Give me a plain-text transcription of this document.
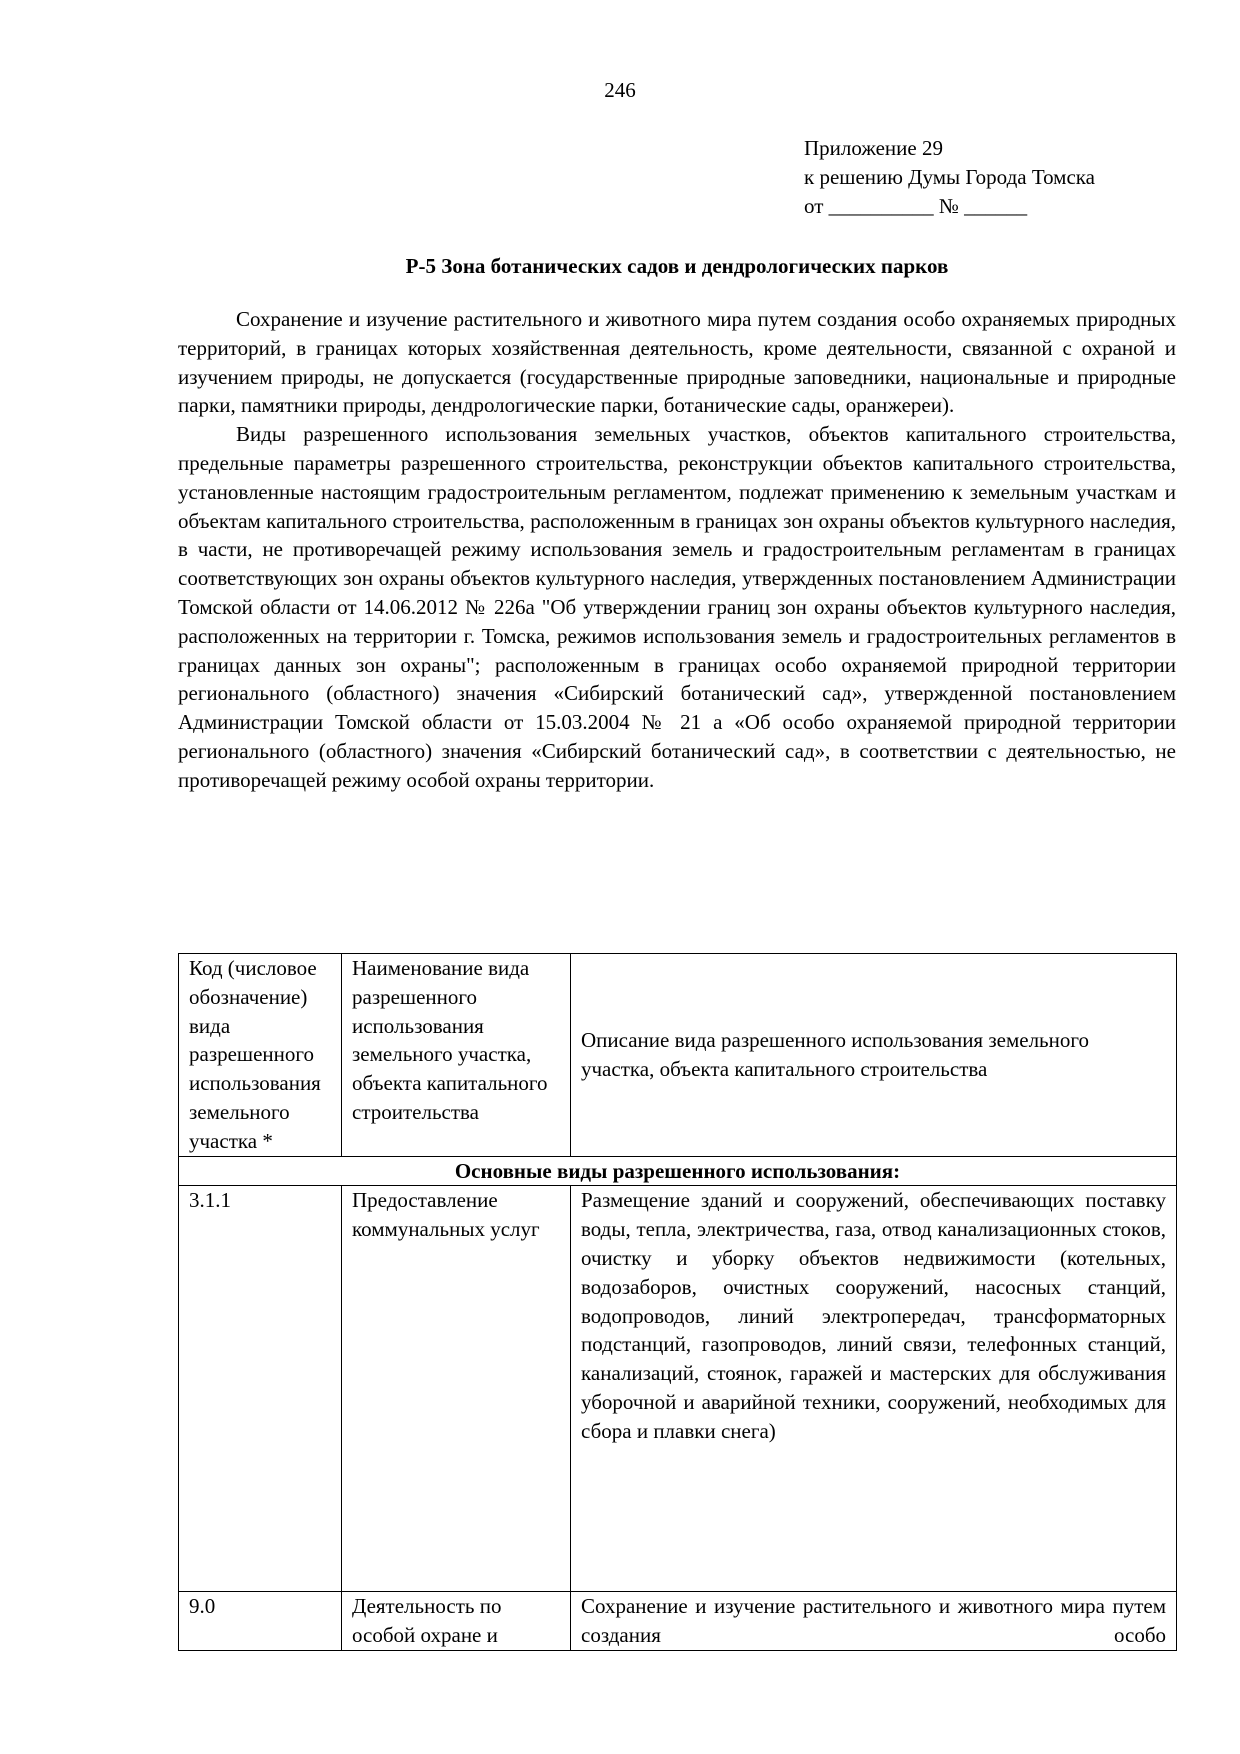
246
Приложение 29
к решению Думы Города Томска
от __________ № ______
Р-5 Зона ботанических садов и дендрологических парков

Сохранение и изучение растительного и животного мира путем создания особо охраняемых природных территорий, в границах которых хозяйственная деятельность, кроме деятельности, связанной с охраной и изучением природы, не допускается (государственные природные заповедники, национальные и природные парки, памятники природы, дендрологические парки, ботанические сады, оранжереи).

Виды разрешенного использования земельных участков, объектов капитального строительства, предельные параметры разрешенного строительства, реконструкции объектов капитального строительства, установленные настоящим градостроительным регламентом, подлежат применению к земельным участкам и объектам капитального строительства, расположенным в границах зон охраны объектов культурного наследия, в части, не противоречащей режиму использования земель и градостроительным регламентам в границах соответствующих зон охраны объектов культурного наследия, утвержденных постановлением Администрации Томской области от 14.06.2012 № 226а "Об утверждении границ зон охраны объектов культурного наследия, расположенных на территории г. Томска, режимов использования земель и градостроительных регламентов в границах данных зон охраны"; расположенным в границах особо охраняемой природной территории регионального (областного) значения «Сибирский ботанический сад», утвержденной постановлением Администрации Томской области от 15.03.2004 № 21 а «Об особо охраняемой природной территории регионального (областного) значения «Сибирский ботанический сад», в соответствии с деятельностью, не противоречащей режиму особой охраны территории.

Код (числовое обозначение) вида разрешенного использования земельного участка *	Наименование вида разрешенного использования земельного участка, объекта капитального строительства	Описание вида разрешенного использования земельного участка, объекта капитального строительства
Основные виды разрешенного использования:		
3.1.1	Предоставление коммунальных услуг	Размещение зданий и сооружений, обеспечивающих поставку воды, тепла, электричества, газа, отвод канализационных стоков, очистку и уборку объектов недвижимости (котельных, водозаборов, очистных сооружений, насосных станций, водопроводов, линий электропередач, трансформаторных подстанций, газопроводов, линий связи, телефонных станций, канализаций, стоянок, гаражей и мастерских для обслуживания уборочной и аварийной техники, сооружений, необходимых для сбора и плавки снега)
9.0	Деятельность по особой охране и	Сохранение и изучение растительного и животного мира путем создания особо
